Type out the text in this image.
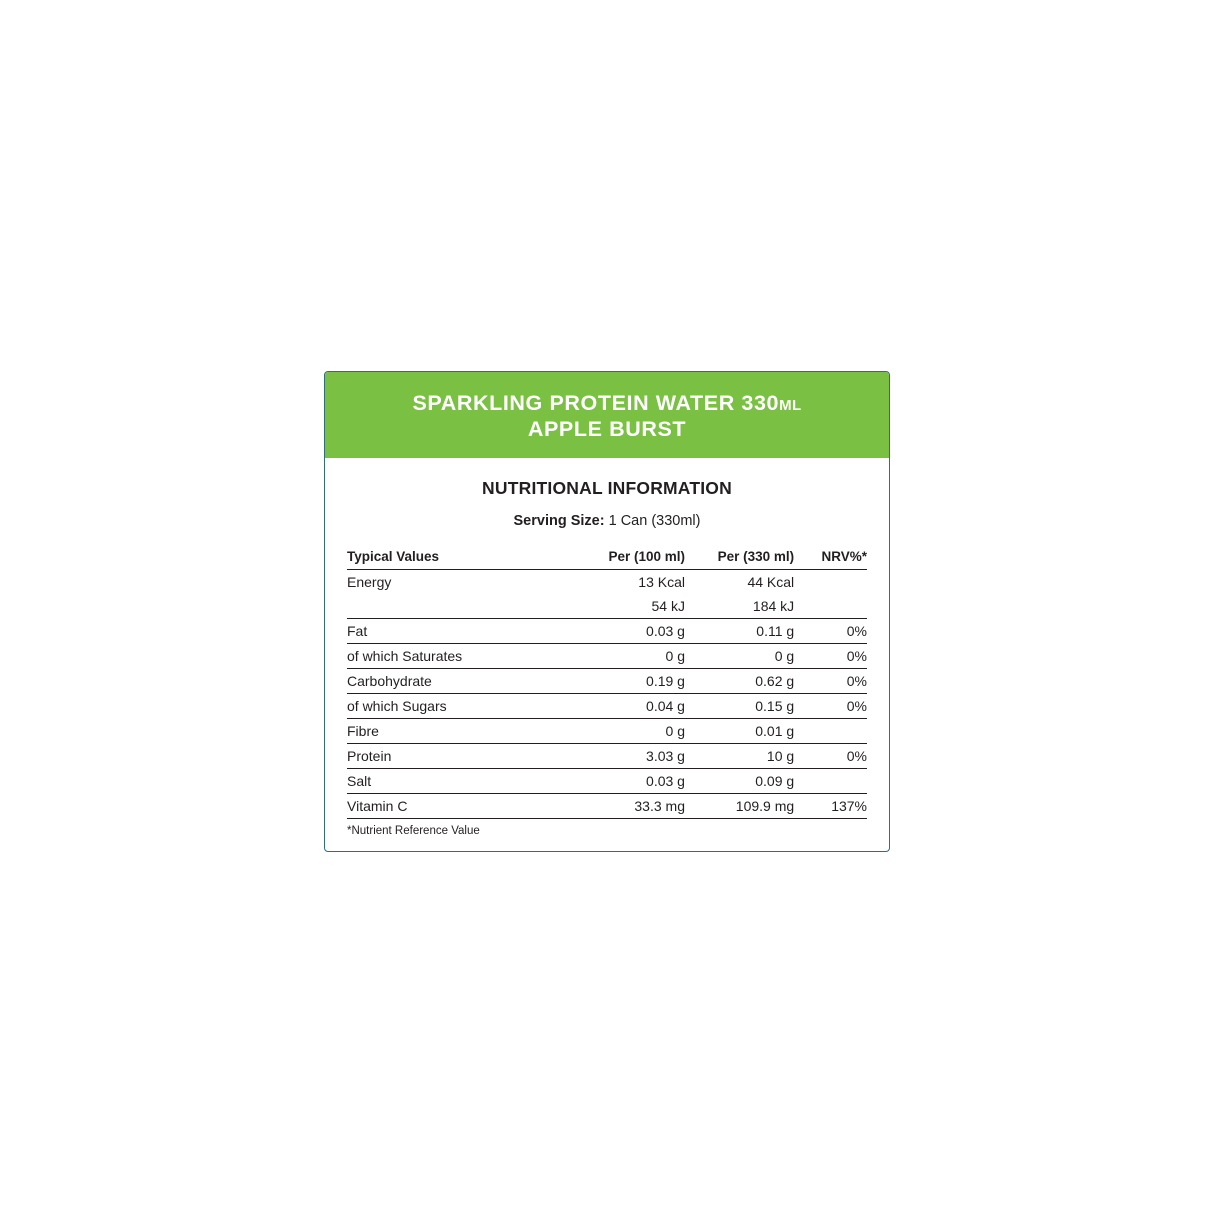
SPARKLING PROTEIN WATER 330ML
APPLE BURST
NUTRITIONAL INFORMATION
Serving Size: 1 Can (330ml)
Typical Values	Per (100 ml)	Per (330 ml)	NRV%*
Energy	13 Kcal	44 Kcal	
	54 kJ	184 kJ	
Fat	0.03 g	0.11 g	0%
of which Saturates	0 g	0 g	0%
Carbohydrate	0.19 g	0.62 g	0%
of which Sugars	0.04 g	0.15 g	0%
Fibre	0 g	0.01 g	
Protein	3.03 g	10 g	0%
Salt	0.03 g	0.09 g	
Vitamin C	33.3 mg	109.9 mg	137%
*Nutrient Reference Value
